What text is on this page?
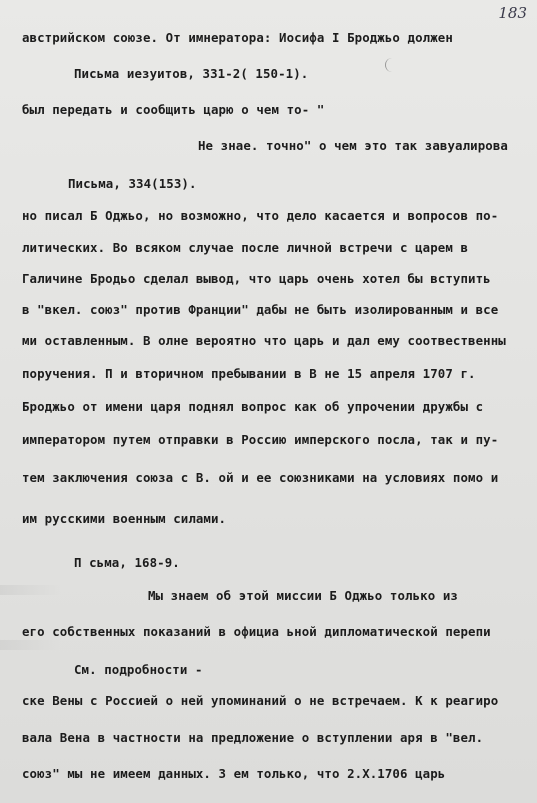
183
австрийском союзе. От имнератора: Иосифа I Броджьо должен
Письма иезуитов, 331-2( 150-1).
был передать и сообщить царю о чем то- "
Не знае. точно" о чем это так завуалирова
Письма, 334(153).
но писал Б Оджьо, но возможно, что дело касается и вопросов по-
литических. Во всяком случае после личной встречи с царем в
Галичине Бродьо сделал вывод, что царь очень хотел бы вступить
в "вкел. союз" против Франции" дабы не быть изолированным и все
ми оставленным. В олне вероятно что царь и дал ему соотвественны
поручения. П и вторичном пребывании в В не 15 апреля 1707 г.
Броджьо от имени царя поднял вопрос как об упрочении дружбы с
императором путем отправки в Россию имперского посла, так и пу-
тем заключения союза с В. ой и ее союзниками на условиях помо и
им русскими военным силами.
П сьма, 168-9.
Мы знаем об этой миссии Б Оджьо только из
его собственных показаний в официа ьной дипломатической перепи
См. подробности -
ске Вены с Россией о ней упоминаний о не встречаем. К к реагиро
вала Вена в частности на предложение о вступлении аря в "вел.
союз" мы не имеем данных. З ем только, что 2.X.1706 царь
